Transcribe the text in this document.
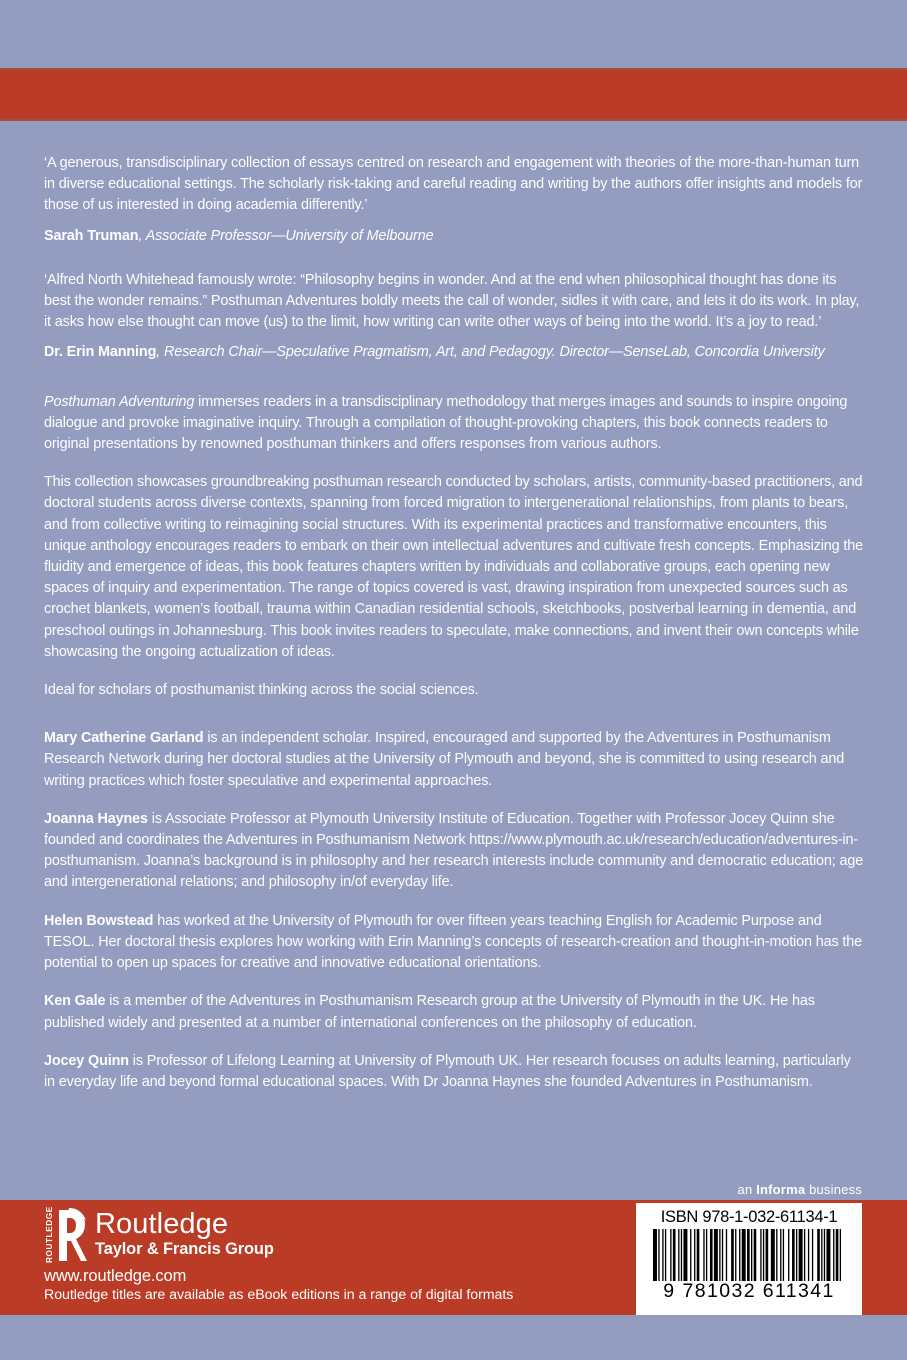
‘A generous, transdisciplinary collection of essays centred on research and engagement with theories of the more-than-human turn in diverse educational settings. The scholarly risk-taking and careful reading and writing by the authors offer insights and models for those of us interested in doing academia differently.’

Sarah Truman, Associate Professor—University of Melbourne

‘Alfred North Whitehead famously wrote: “Philosophy begins in wonder. And at the end when philosophical thought has done its best the wonder remains.” Posthuman Adventures boldly meets the call of wonder, sidles it with care, and lets it do its work. In play, it asks how else thought can move (us) to the limit, how writing can write other ways of being into the world. It’s a joy to read.’

Dr. Erin Manning, Research Chair—Speculative Pragmatism, Art, and Pedagogy. Director—SenseLab, Concordia University

Posthuman Adventuring immerses readers in a transdisciplinary methodology that merges images and sounds to inspire ongoing dialogue and provoke imaginative inquiry. Through a compilation of thought-provoking chapters, this book connects readers to original presentations by renowned posthuman thinkers and offers responses from various authors.

This collection showcases groundbreaking posthuman research conducted by scholars, artists, community-based practitioners, and doctoral students across diverse contexts, spanning from forced migration to intergenerational relationships, from plants to bears, and from collective writing to reimagining social structures. With its experimental practices and transformative encounters, this unique anthology encourages readers to embark on their own intellectual adventures and cultivate fresh concepts. Emphasizing the fluidity and emergence of ideas, this book features chapters written by individuals and collaborative groups, each opening new spaces of inquiry and experimentation. The range of topics covered is vast, drawing inspiration from unexpected sources such as crochet blankets, women’s football, trauma within Canadian residential schools, sketchbooks, postverbal learning in dementia, and preschool outings in Johannesburg. This book invites readers to speculate, make connections, and invent their own concepts while showcasing the ongoing actualization of ideas.

Ideal for scholars of posthumanist thinking across the social sciences.

Mary Catherine Garland is an independent scholar. Inspired, encouraged and supported by the Adventures in Posthumanism Research Network during her doctoral studies at the University of Plymouth and beyond, she is committed to using research and writing practices which foster speculative and experimental approaches.

Joanna Haynes is Associate Professor at Plymouth University Institute of Education. Together with Professor Jocey Quinn she founded and coordinates the Adventures in Posthumanism Network https://www.plymouth.ac.uk/research/education/adventures-in-posthumanism. Joanna’s background is in philosophy and her research interests include community and democratic education; age and intergenerational relations; and philosophy in/of everyday life.

Helen Bowstead has worked at the University of Plymouth for over fifteen years teaching English for Academic Purpose and TESOL. Her doctoral thesis explores how working with Erin Manning’s concepts of research-creation and thought-in-motion has the potential to open up spaces for creative and innovative educational orientations.

Ken Gale is a member of the Adventures in Posthumanism Research group at the University of Plymouth in the UK. He has published widely and presented at a number of international conferences on the philosophy of education.

Jocey Quinn is Professor of Lifelong Learning at University of Plymouth UK. Her research focuses on adults learning, particularly in everyday life and beyond formal educational spaces. With Dr Joanna Haynes she founded Adventures in Posthumanism.

an Informa business
ROUTLEDGE Routledge
Taylor & Francis Group
www.routledge.com
Routledge titles are available as eBook editions in a range of digital formats
ISBN 978-1-032-61134-1
9 781032 611341
